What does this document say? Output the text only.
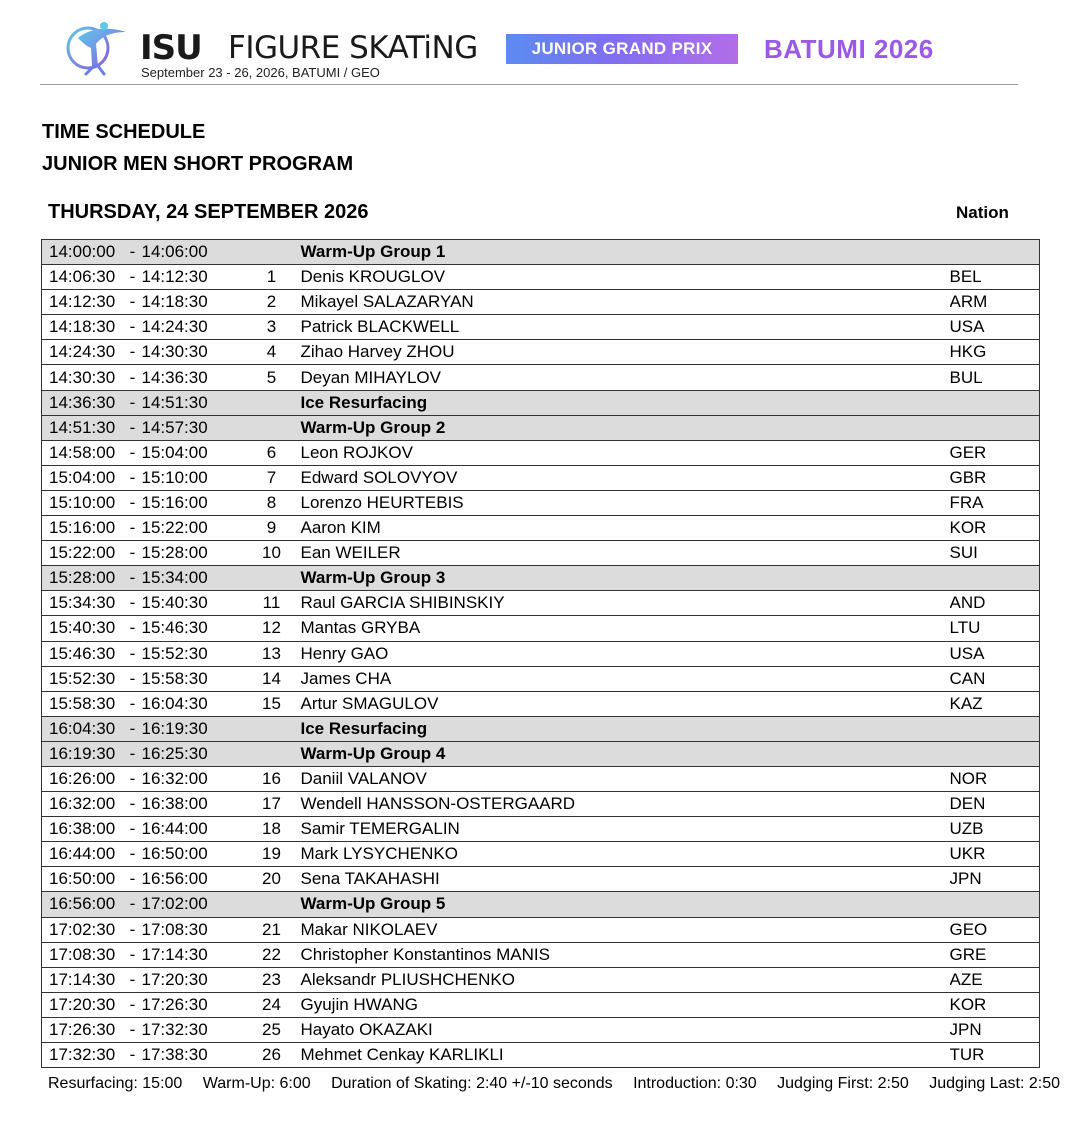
ISU FIGURE SKATiNG	JUNIOR GRAND PRIX	BATUMI 2026
September 23 - 26, 2026, BATUMI / GEO
TIME SCHEDULE
JUNIOR MEN SHORT PROGRAM
THURSDAY, 24 SEPTEMBER 2026	Nation
14:00:00	-	14:06:00		Warm-Up Group 1	
14:06:30	-	14:12:30	1	Denis KROUGLOV	BEL
14:12:30	-	14:18:30	2	Mikayel SALAZARYAN	ARM
14:18:30	-	14:24:30	3	Patrick BLACKWELL	USA
14:24:30	-	14:30:30	4	Zihao Harvey ZHOU	HKG
14:30:30	-	14:36:30	5	Deyan MIHAYLOV	BUL
14:36:30	-	14:51:30		Ice Resurfacing	
14:51:30	-	14:57:30		Warm-Up Group 2	
14:58:00	-	15:04:00	6	Leon ROJKOV	GER
15:04:00	-	15:10:00	7	Edward SOLOVYOV	GBR
15:10:00	-	15:16:00	8	Lorenzo HEURTEBIS	FRA
15:16:00	-	15:22:00	9	Aaron KIM	KOR
15:22:00	-	15:28:00	10	Ean WEILER	SUI
15:28:00	-	15:34:00		Warm-Up Group 3	
15:34:30	-	15:40:30	11	Raul GARCIA SHIBINSKIY	AND
15:40:30	-	15:46:30	12	Mantas GRYBA	LTU
15:46:30	-	15:52:30	13	Henry GAO	USA
15:52:30	-	15:58:30	14	James CHA	CAN
15:58:30	-	16:04:30	15	Artur SMAGULOV	KAZ
16:04:30	-	16:19:30		Ice Resurfacing	
16:19:30	-	16:25:30		Warm-Up Group 4	
16:26:00	-	16:32:00	16	Daniil VALANOV	NOR
16:32:00	-	16:38:00	17	Wendell HANSSON-OSTERGAARD	DEN
16:38:00	-	16:44:00	18	Samir TEMERGALIN	UZB
16:44:00	-	16:50:00	19	Mark LYSYCHENKO	UKR
16:50:00	-	16:56:00	20	Sena TAKAHASHI	JPN
16:56:00	-	17:02:00		Warm-Up Group 5	
17:02:30	-	17:08:30	21	Makar NIKOLAEV	GEO
17:08:30	-	17:14:30	22	Christopher Konstantinos MANIS	GRE
17:14:30	-	17:20:30	23	Aleksandr PLIUSHCHENKO	AZE
17:20:30	-	17:26:30	24	Gyujin HWANG	KOR
17:26:30	-	17:32:30	25	Hayato OKAZAKI	JPN
17:32:30	-	17:38:30	26	Mehmet Cenkay KARLIKLI	TUR
Resurfacing: 15:00 Warm-Up: 6:00 Duration of Skating: 2:40 +/-10 seconds Introduction: 0:30 Judging First: 2:50 Judging Last: 2:50
